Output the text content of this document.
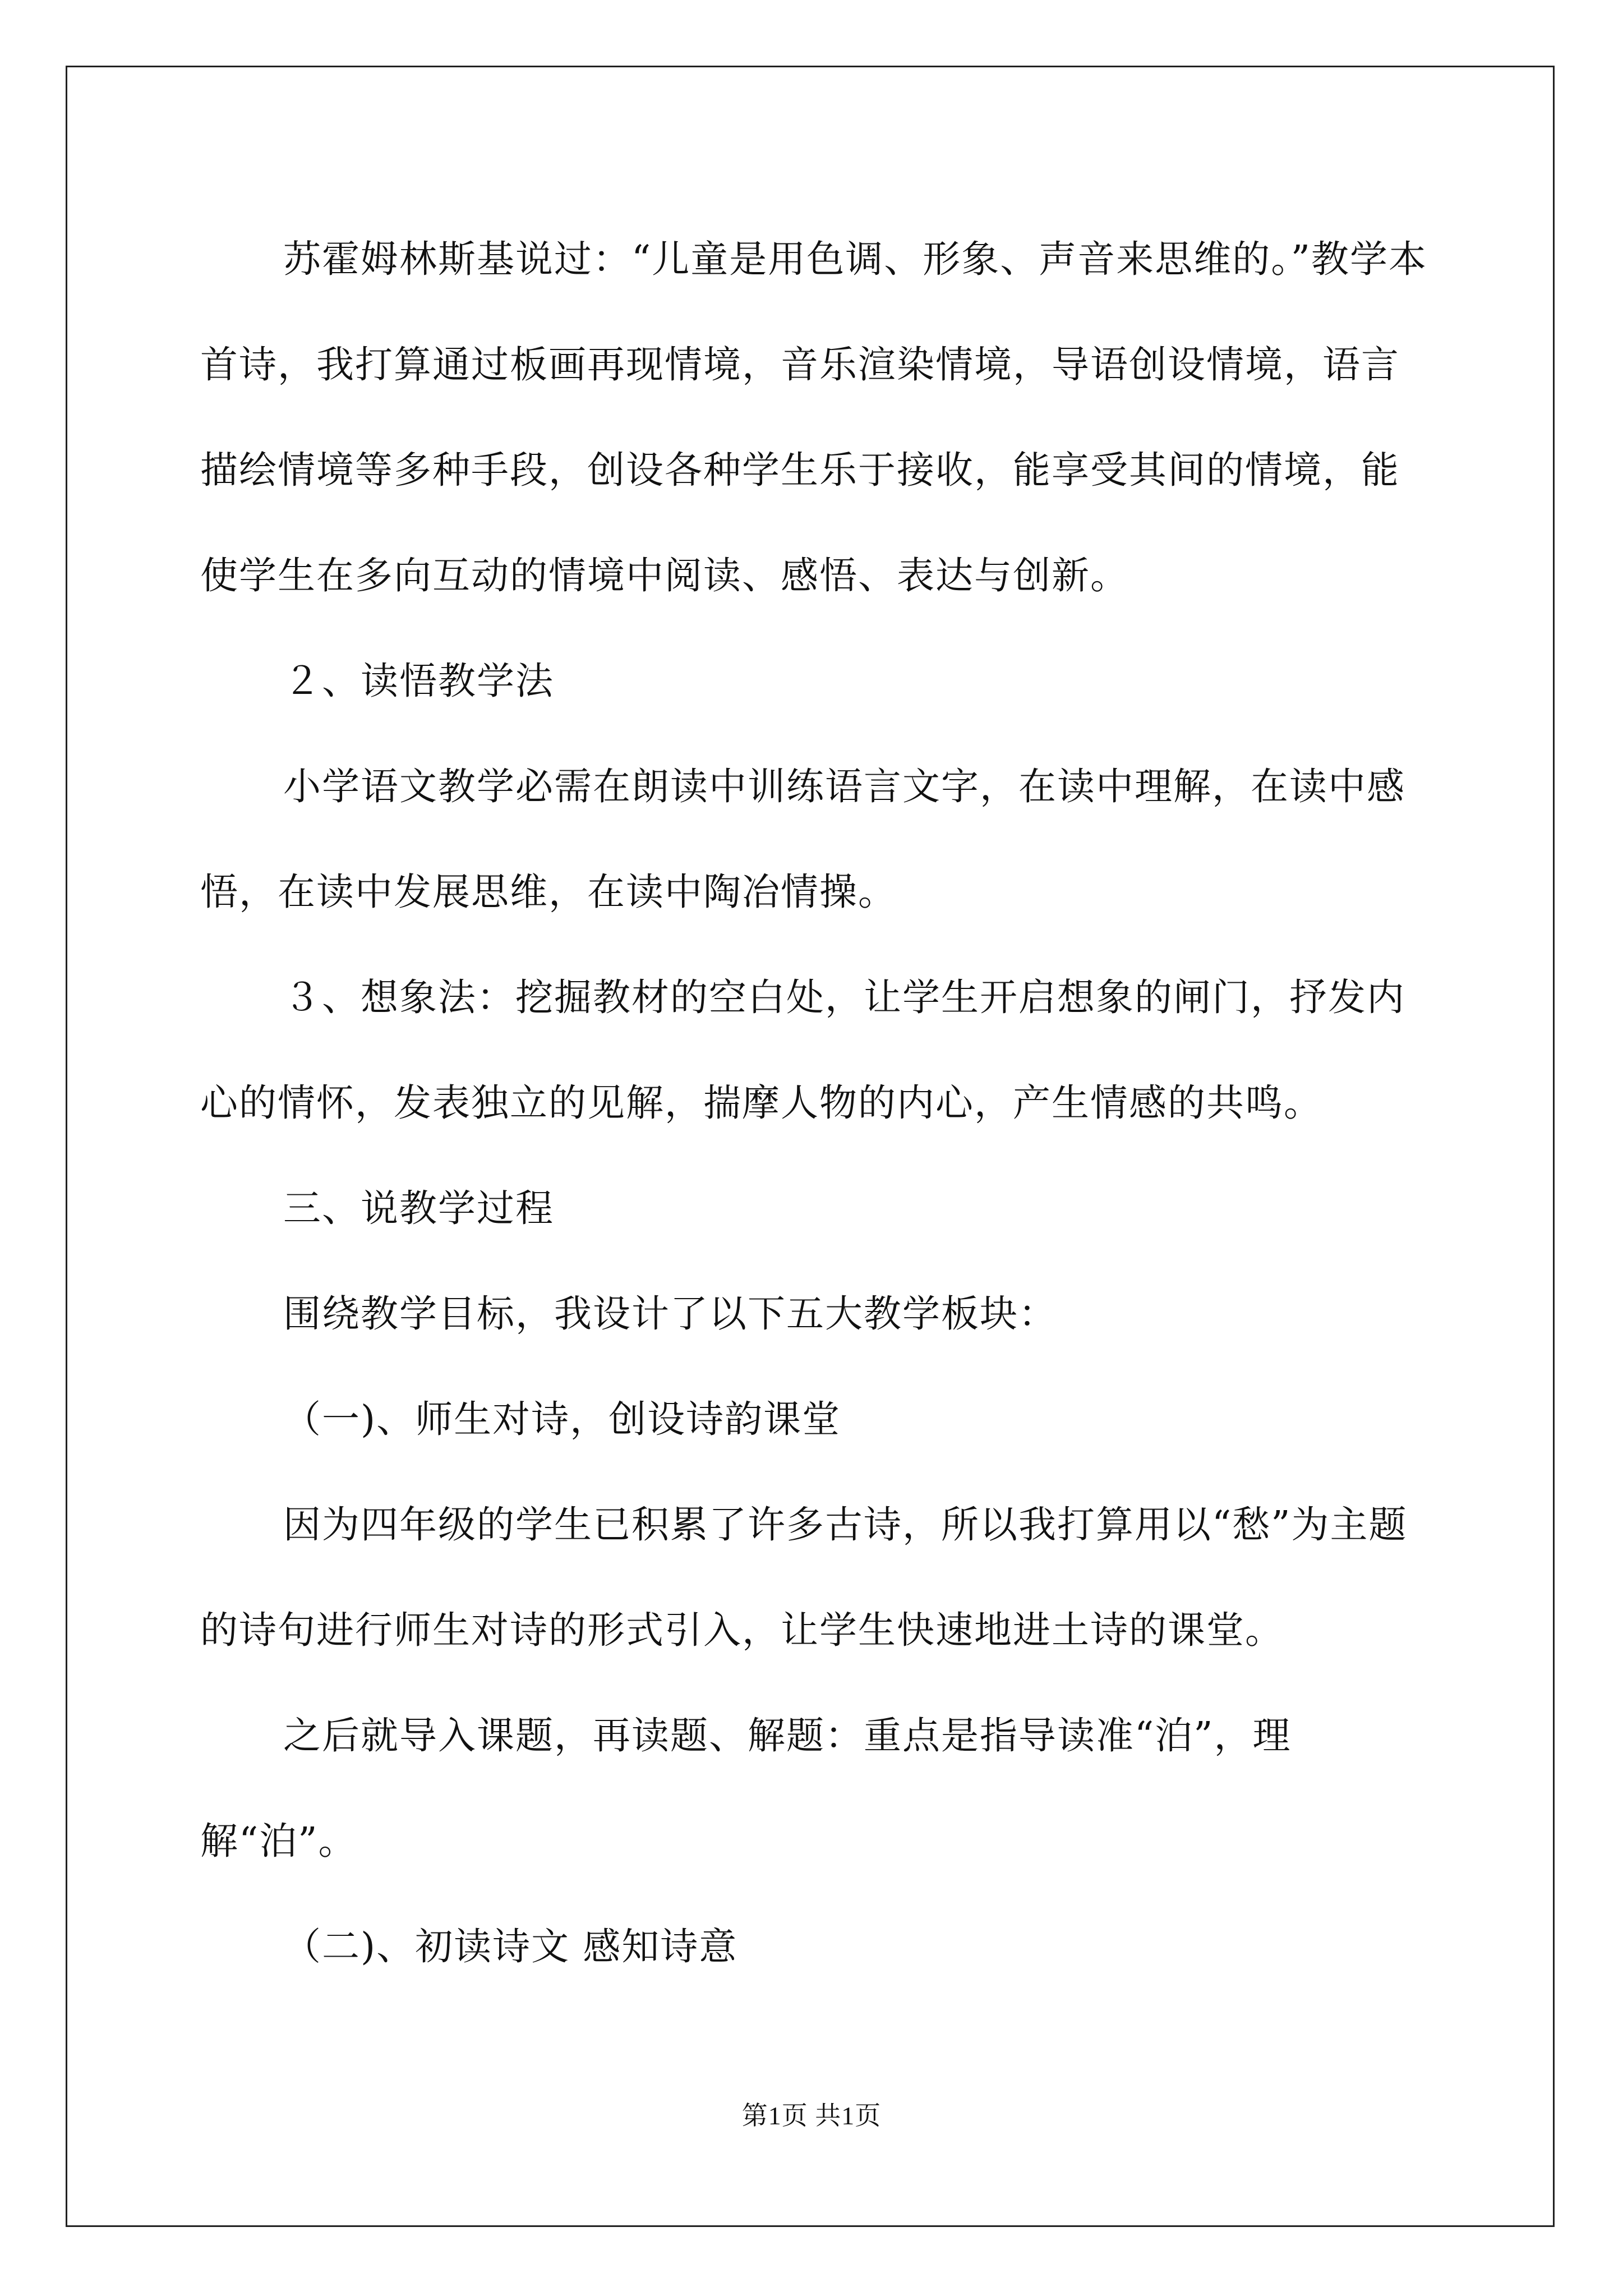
苏霍姆林斯基说过：“儿童是用色调、形象、声音来思维的。”教学本首诗，我打算通过板画再现情境，音乐渲染情境，导语创设情境，语言描绘情境等多种手段，创设各种学生乐于接收，能享受其间的情境，能使学生在多向互动的情境中阅读、感悟、表达与创新。

２、读悟教学法

小学语文教学必需在朗读中训练语言文字，在读中理解，在读中感悟，在读中发展思维，在读中陶冶情操。

３、想象法：挖掘教材的空白处，让学生开启想象的闸门，抒发内心的情怀，发表独立的见解，揣摩人物的内心，产生情感的共鸣。

三、说教学过程

围绕教学目标，我设计了以下五大教学板块：

（一)、师生对诗，创设诗韵课堂

因为四年级的学生已积累了许多古诗，所以我打算用以“愁”为主题的诗句进行师生对诗的形式引入，让学生快速地进土诗的课堂。

之后就导入课题，再读题、解题：重点是指导读准“泊”，理解“泊”。

（二)、初读诗文 感知诗意

第1页 共1页
